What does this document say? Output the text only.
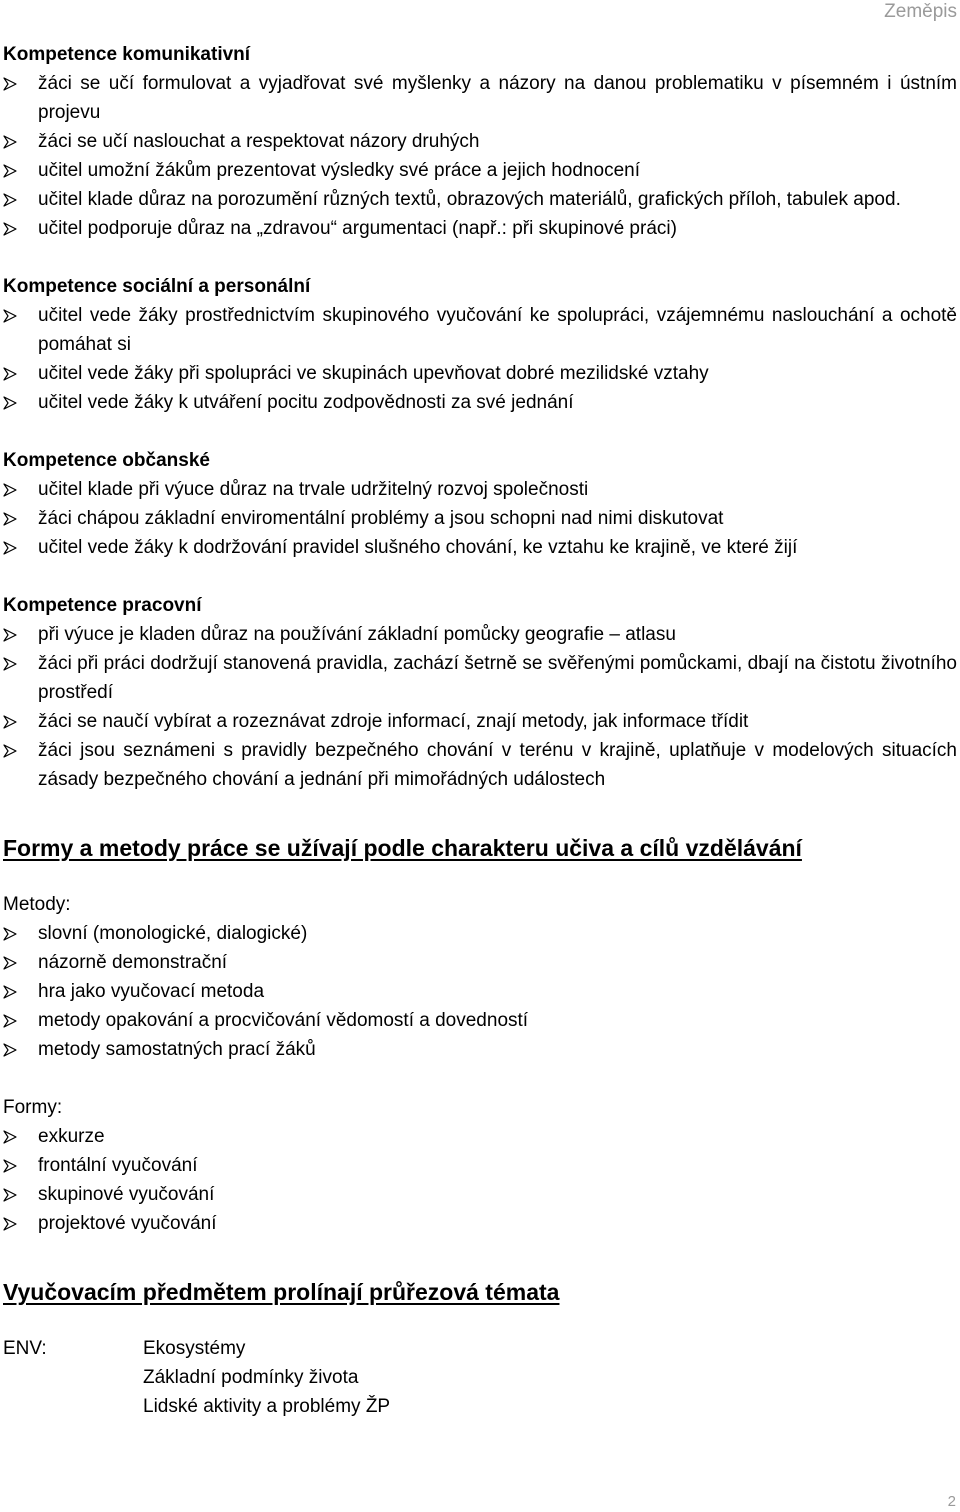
Zeměpis

Kompetence komunikativní

žáci se učí formulovat a vyjadřovat své myšlenky a názory na danou problematiku v písemném i ústním projevu
žáci se učí naslouchat a respektovat názory druhých
učitel umožní žákům prezentovat výsledky své práce a jejich hodnocení
učitel klade důraz na porozumění různých textů, obrazových materiálů, grafických příloh, tabulek apod.
učitel podporuje důraz na „zdravou“ argumentaci (např.: při skupinové práci)

Kompetence sociální a personální

učitel vede žáky prostřednictvím skupinového vyučování ke spolupráci, vzájemnému naslouchání a ochotě pomáhat si
učitel vede žáky při spolupráci ve skupinách upevňovat dobré mezilidské vztahy
učitel vede žáky k utváření pocitu zodpovědnosti za své jednání

Kompetence občanské

učitel klade při výuce důraz na trvale udržitelný rozvoj společnosti
žáci chápou základní enviromentální problémy a jsou schopni nad nimi diskutovat
učitel vede žáky k dodržování pravidel slušného chování, ke vztahu ke krajině, ve které žijí

Kompetence pracovní

při výuce je kladen důraz na používání základní pomůcky geografie – atlasu
žáci při práci dodržují stanovená pravidla, zachází šetrně se svěřenými pomůckami, dbají na čistotu životního prostředí
žáci se naučí vybírat a rozeznávat zdroje informací, znají metody, jak informace třídit
žáci jsou seznámeni s pravidly bezpečného chování v terénu v krajině, uplatňuje v modelových situacích zásady bezpečného chování a jednání při mimořádných událostech

Formy a metody práce se užívají podle charakteru učiva a cílů vzdělávání

Metody:

slovní (monologické, dialogické)
názorně demonstrační
hra jako vyučovací metoda
metody opakování a procvičování vědomostí a dovedností
metody samostatných prací žáků

Formy:

exkurze
frontální vyučování
skupinové vyučování
projektové vyučování

Vyučovacím předmětem prolínají průřezová témata

ENV:	Ekosystémy
Základní podmínky života
Lidské aktivity a problémy ŽP
2
